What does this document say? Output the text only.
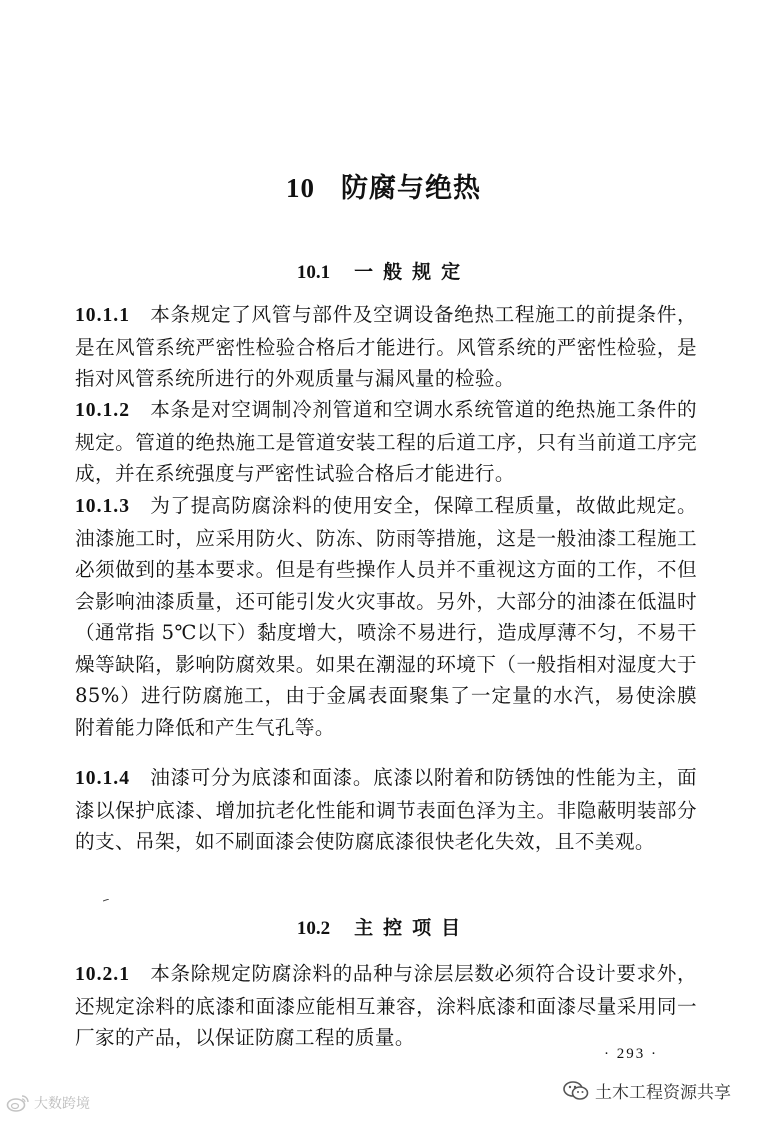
10 防腐与绝热
10.1 一般规定
10.1.1 本条规定了风管与部件及空调设备绝热工程施工的前提条件，是在风管系统严密性检验合格后才能进行。风管系统的严密性检验，是指对风管系统所进行的外观质量与漏风量的检验。
10.1.2 本条是对空调制冷剂管道和空调水系统管道的绝热施工条件的规定。管道的绝热施工是管道安装工程的后道工序，只有当前道工序完成，并在系统强度与严密性试验合格后才能进行。
10.1.3 为了提高防腐涂料的使用安全，保障工程质量，故做此规定。油漆施工时，应采用防火、防冻、防雨等措施，这是一般油漆工程施工必须做到的基本要求。但是有些操作人员并不重视这方面的工作，不但会影响油漆质量，还可能引发火灾事故。另外，大部分的油漆在低温时（通常指 5℃以下）黏度增大，喷涂不易进行，造成厚薄不匀，不易干燥等缺陷，影响防腐效果。如果在潮湿的环境下（一般指相对湿度大于 85%）进行防腐施工，由于金属表面聚集了一定量的水汽，易使涂膜附着能力降低和产生气孔等。
10.1.4 油漆可分为底漆和面漆。底漆以附着和防锈蚀的性能为主，面漆以保护底漆、增加抗老化性能和调节表面色泽为主。非隐蔽明装部分的支、吊架，如不刷面漆会使防腐底漆很快老化失效，且不美观。
10.2 主控项目
10.2.1 本条除规定防腐涂料的品种与涂层层数必须符合设计要求外，还规定涂料的底漆和面漆应能相互兼容，涂料底漆和面漆尽量采用同一厂家的产品，以保证防腐工程的质量。
· 293 ·
土木工程资源共享
大数跨境
